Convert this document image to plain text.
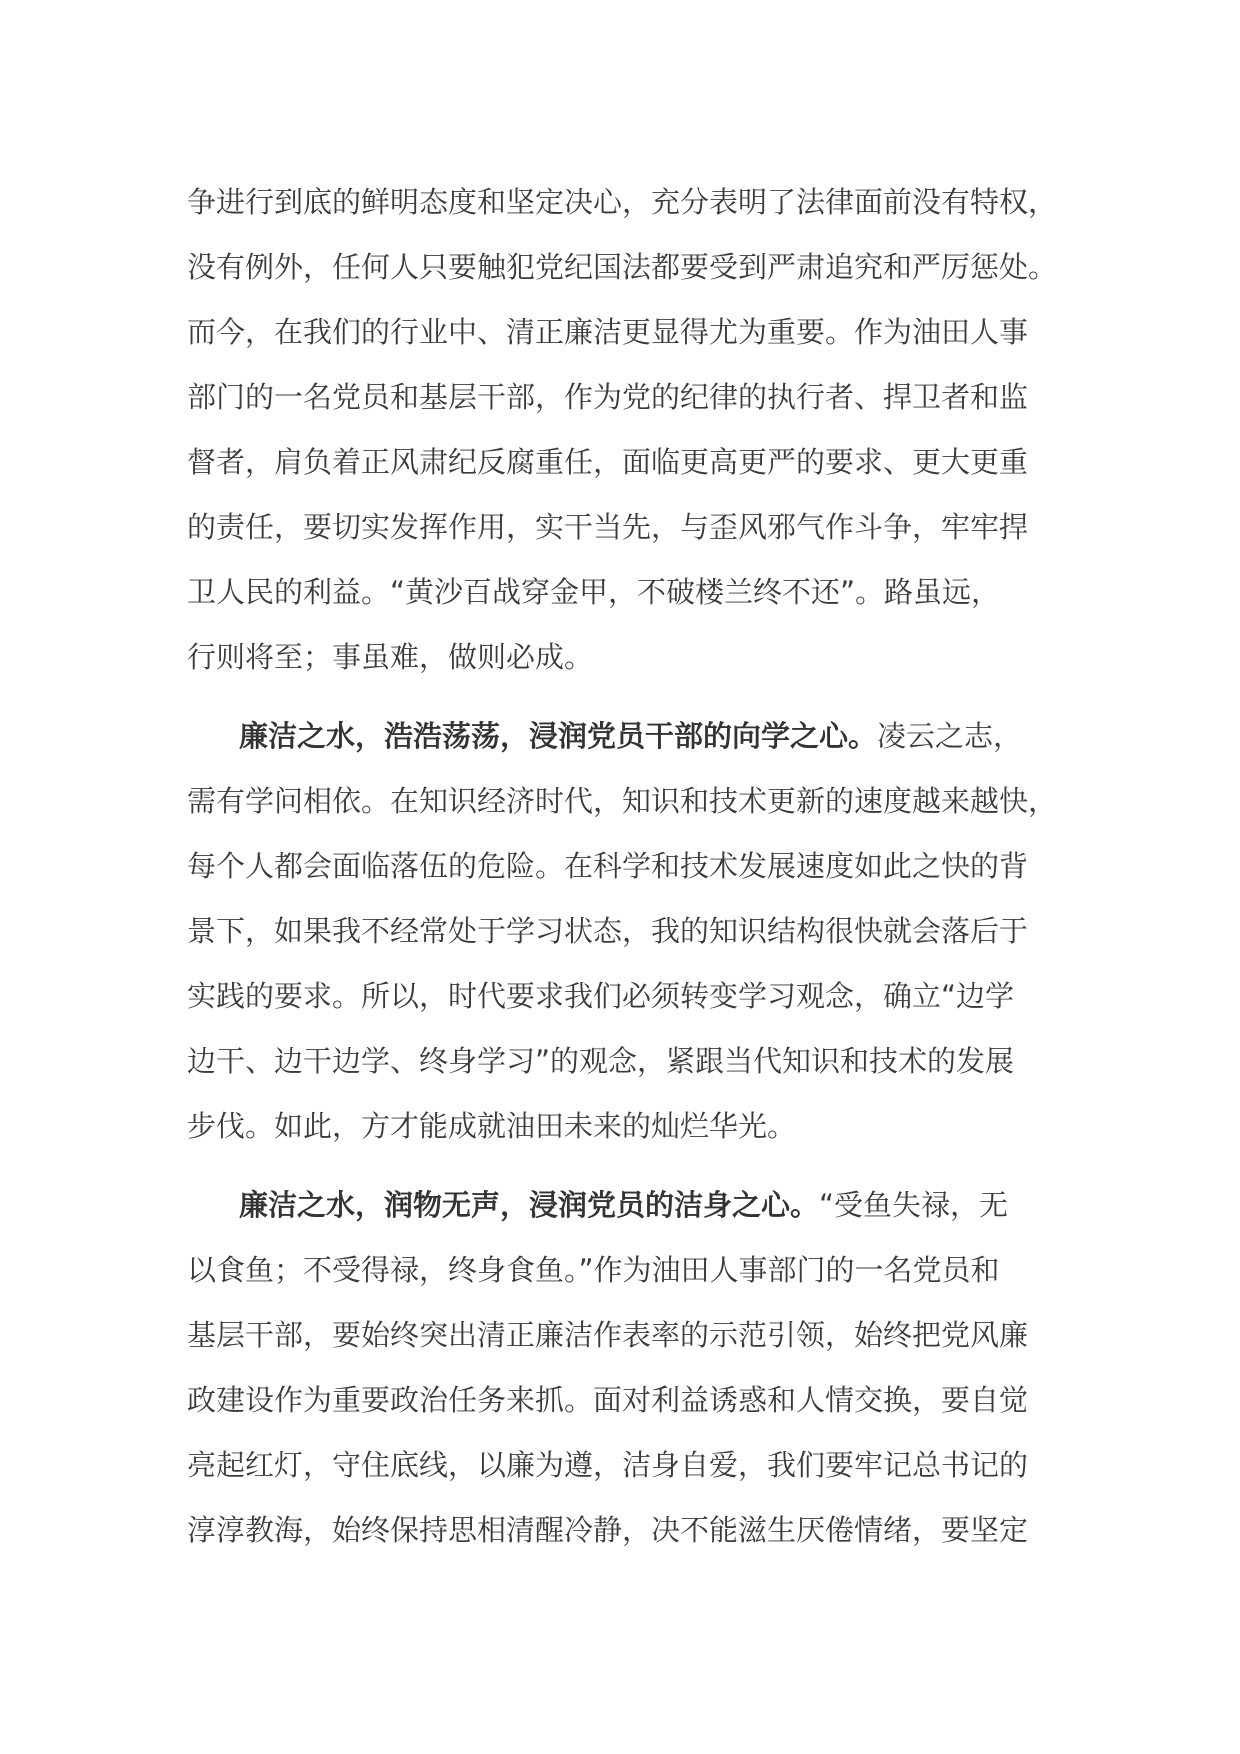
争进行到底的鲜明态度和坚定决心，充分表明了法律面前没有特权，
没有例外，任何人只要触犯党纪国法都要受到严肃追究和严厉惩处。
而今，在我们的行业中、清正廉洁更显得尤为重要。作为油田人事
部门的一名党员和基层干部，作为党的纪律的执行者、捍卫者和监
督者，肩负着正风肃纪反腐重任，面临更高更严的要求、更大更重
的责任，要切实发挥作用，实干当先，与歪风邪气作斗争，牢牢捍
卫人民的利益。“黄沙百战穿金甲，不破楼兰终不还”。路虽远，
行则将至；事虽难，做则必成。
廉洁之水，浩浩荡荡，浸润党员干部的向学之心。凌云之志，
需有学问相依。在知识经济时代，知识和技术更新的速度越来越快，
每个人都会面临落伍的危险。在科学和技术发展速度如此之快的背
景下，如果我不经常处于学习状态，我的知识结构很快就会落后于
实践的要求。所以，时代要求我们必须转变学习观念，确立“边学
边干、边干边学、终身学习”的观念，紧跟当代知识和技术的发展
步伐。如此，方才能成就油田未来的灿烂华光。
廉洁之水，润物无声，浸润党员的洁身之心。“受鱼失禄，无
以食鱼；不受得禄，终身食鱼。”作为油田人事部门的一名党员和
基层干部，要始终突出清正廉洁作表率的示范引领，始终把党风廉
政建设作为重要政治任务来抓。面对利益诱惑和人情交换，要自觉
亮起红灯，守住底线，以廉为遵，洁身自爱，我们要牢记总书记的
淳淳教海，始终保持思相清醒冷静，决不能滋生厌倦情绪，要坚定
